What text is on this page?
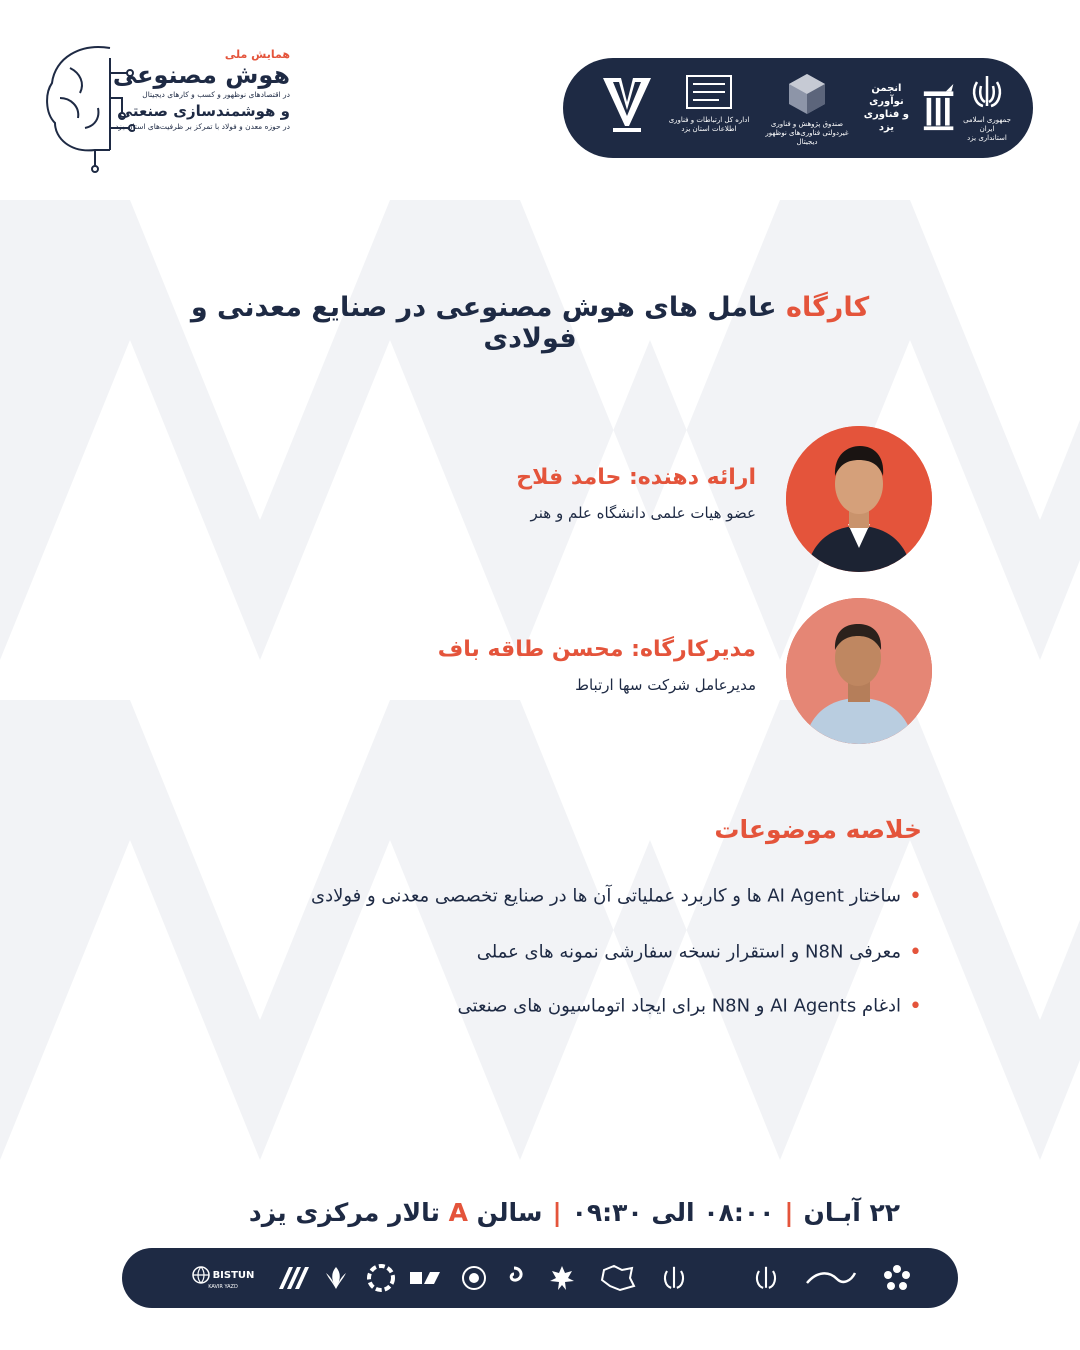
همایش ملی
هوش مصنوعی
در اقتصادهای نوظهور و کسب و کارهای دیجیتال
و هوشمندسازی صنعتی
در حوزه معدن و فولاد با تمرکز بر ظرفیت‌های استان یزد
اداره کل ارتباطات و فناوری اطلاعات استان یزد
صندوق پژوهش و فناوری غیردولتی فناوری‌های نوظهور دیجیتال
انجمن نوآوری
و فناوری یزد
جمهوری اسلامی ایران
استانداری یزد
کارگاه عامل های هوش مصنوعی در صنایع معدنی و فولادی
ارائه دهنده: حامد فلاح
عضو هیات علمی دانشگاه علم و هنر
مدیرکارگاه: محسن طاقه باف
مدیرعامل شرکت سها ارتباط
خلاصه موضوعات
•ساختار AI Agent ها و کاربرد عملیاتی آن ها در صنایع تخصصی معدنی و فولادی
•معرفی N8N و استقرار نسخه سفارشی نمونه های عملی
•ادغام AI Agents و N8N برای ایجاد اتوماسیون های صنعتی
۲۲ آبـان|۰۸:۰۰ الی ۰۹:۳۰|سالن A تالار مرکزی یزد
BISTUN
KAVIR YAZD
